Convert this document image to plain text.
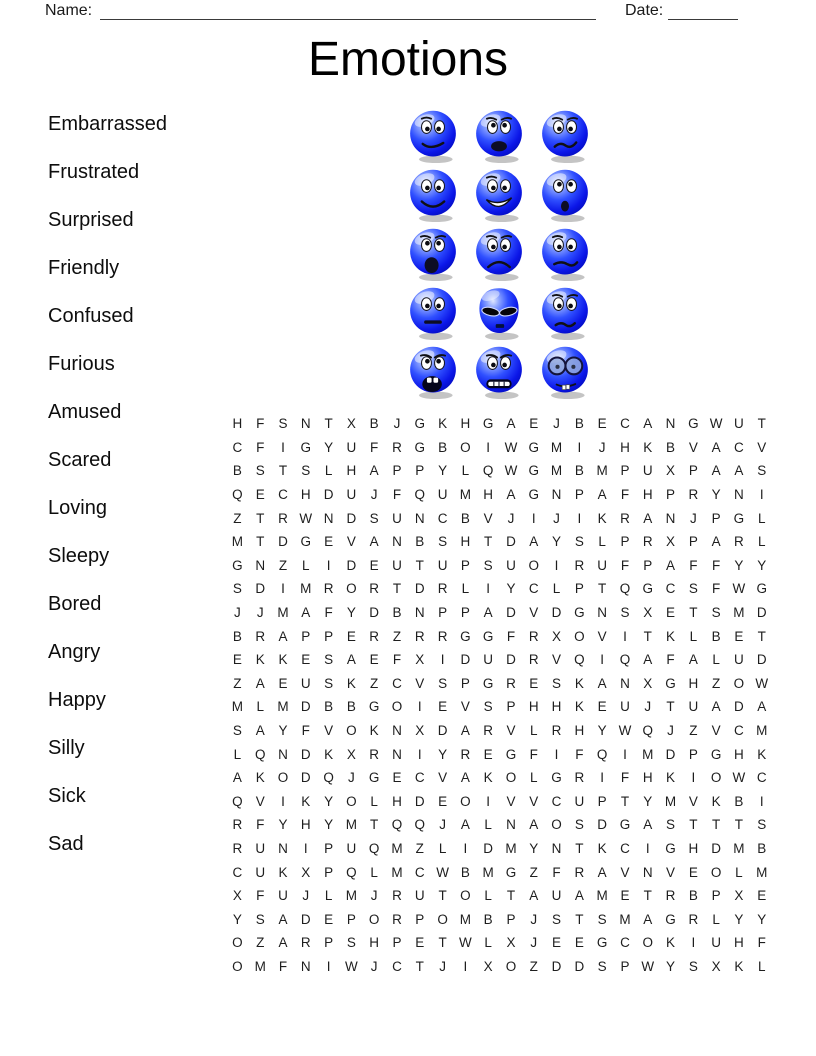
Name:	Date:
Emotions
Embarrassed
Frustrated
Surprised
Friendly
Confused
Furious
Amused
Scared
Loving
Sleepy
Bored
Angry
Happy
Silly
Sick
Sad
H	F	S N	T	X	B	J	G K H G A	E	J	B	E C A N G W U	T
C	F	I	G Y U	F	R G B O	I	W G M	I	J	H K	B	V	A C V
B	S	T	S	L	H A	P	P	Y	L	Q W G M B M P U X	P	A	A	S
Q E C H D U	J	F Q U M H A G N P	A	F	H P R Y N	I
Z	T	R W N D S U N C B	V	J	I	J	I	K R A N	J	P G	L
M T	D G E	V	A N B	S H	T	D A	Y	S	L	P R X	P	A R	L
G N	Z	L	I	D E U	T	U P	S U O	I	R U	F	P	A	F	F	Y	Y
S D	I	M R O R	T	D R	L	I	Y C	L	P	T Q G C S	F W G
J	J	M A	F	Y D B N P	P	A D V D G N S	X	E	T	S M D
B R A	P	P	E R	Z	R R G G F	R X O V	I	T	K	L	B	E	T
E	K	K	E	S	A	E	F	X	I	D U D R V Q	I	Q A	F	A	L	U D
Z	A	E U S	K	Z	C V	S	P G R E	S	K	A N X G H	Z O W
M L M D B	B G O	I	E	V	S	P H H K	E U	J	T	U A D A
S	A	Y	F	V O K N X D A R V	L	R H Y W Q	J	Z	V C M
L	Q N D K	X R N	I	Y R E G F	I	F Q	I	M D P G H K
A	K O D Q	J	G E C V	A	K O	L	G R	I	F	H K	I	O W C
Q V	I	K	Y O	L	H D E O	I	V	V C U P	T	Y M V	K	B	I
R	F	Y H Y M T Q Q	J	A	L	N A O S D G A	S	T	T	T	S
R U N	I	P U Q M Z	L	I	D M Y N	T	K C	I	G H D M B
C U K	X	P Q	L M C W B M G Z	F	R A	V N V	E O	L M
X	F	U	J	L M	J	R U	T O	L	T	A U A M E	T	R B	P	X	E
Y	S	A D E	P O R P O M B	P	J	S	T	S M A G R	L	Y	Y
O Z	A R P	S H P	E	T W L	X	J	E	E G C O K	I	U H	F
O M F	N	I	W J	C	T	J	I	X O Z	D D S	P W Y	S	X	K	L
